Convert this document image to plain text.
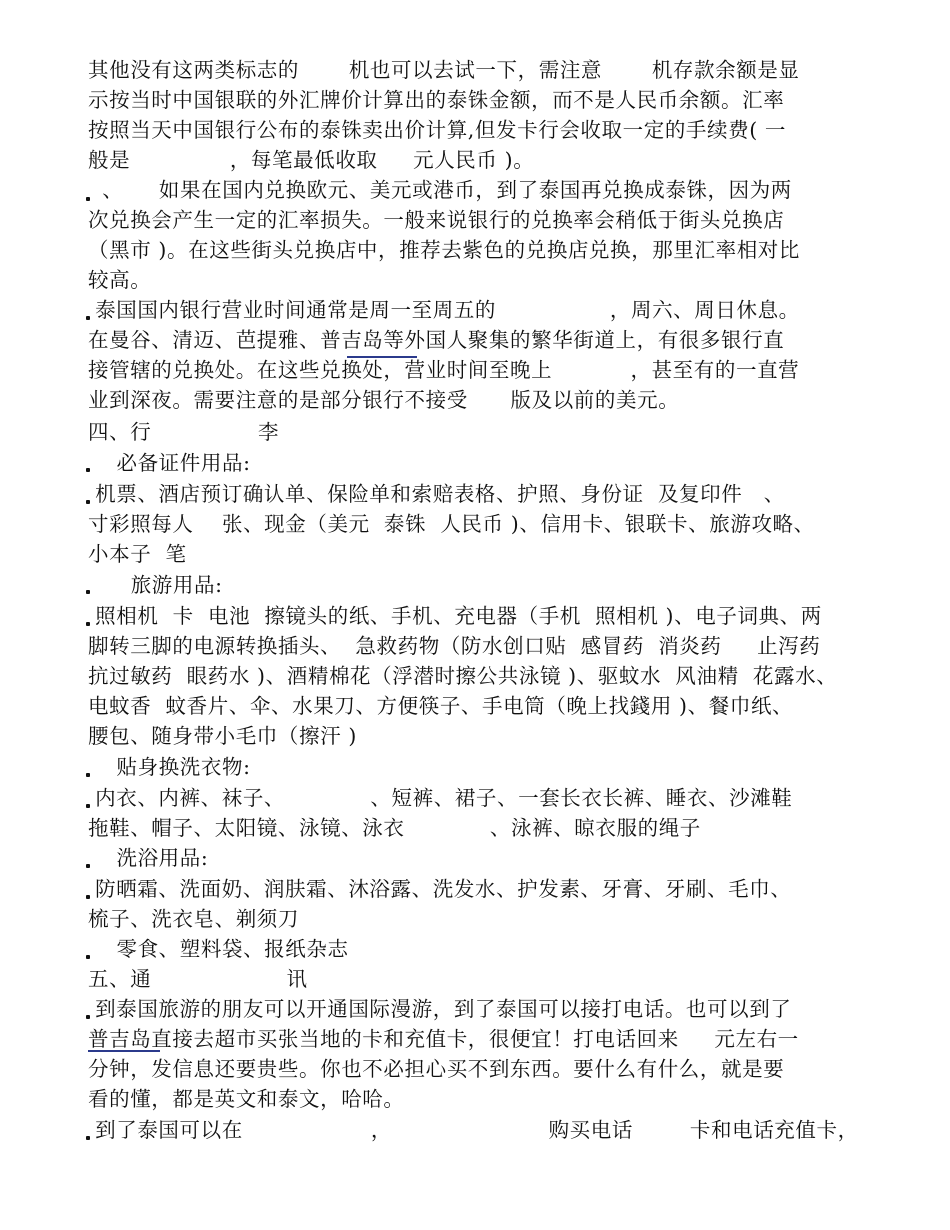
其他没有这两类标志的       机也可以去试一下，需注意       机存款余额是显
示按当时中国银联的外汇牌价计算出的泰铢金额，而不是人民币余额。汇率
按照当天中国银行公布的泰铢卖出价计算,但发卡行会收取一定的手续费( 一
般是              ，每笔最低收取     元人民币 )。
、     如果在国内兑换欧元、美元或港币，到了泰国再兑换成泰铢，因为两
次兑换会产生一定的汇率损失。一般来说银行的兑换率会稍低于街头兑换店
（黑市 )。在这些街头兑换店中，推荐去紫色的兑换店兑换，那里汇率相对比
较高。
泰国国内银行营业时间通常是周一至周五的                ，周六、周日休息。
在曼谷、清迈、芭提雅、普吉岛等外国人聚集的繁华街道上，有很多银行直
接管辖的兑换处。在这些兑换处，营业时间至晚上           ，甚至有的一直营
业到深夜。需要注意的是部分银行不接受      版及以前的美元。
四、行               李
必备证件用品:
机票、酒店预订确认单、保险单和索赔表格、护照、身份证  及复印件   、
寸彩照每人    张、现金（美元  泰铢  人民币 )、信用卡、银联卡、旅游攻略、
小本子  笔
旅游用品:
照相机  卡  电池  擦镜头的纸、手机、充电器（手机  照相机 )、电子词典、两
脚转三脚的电源转换插头、  急救药物（防水创口贴  感冒药  消炎药     止泻药
抗过敏药  眼药水 )、酒精棉花（浮潜时擦公共泳镜 )、驱蚊水  风油精  花露水、
电蚊香  蚊香片、伞、水果刀、方便筷子、手电筒（晚上找錢用 )、餐巾纸、
腰包、随身带小毛巾（擦汗 )
贴身换洗衣物:
内衣、内裤、袜子、            、短裤、裙子、一套长衣长裤、睡衣、沙滩鞋
拖鞋、帽子、太阳镜、泳镜、泳衣            、泳裤、晾衣服的绳子
洗浴用品:
防晒霜、洗面奶、润肤霜、沐浴露、洗发水、护发素、牙膏、牙刷、毛巾、
梳子、洗衣皂、剃须刀
零食、塑料袋、报纸杂志
五、通                   讯
到泰国旅游的朋友可以开通国际漫游，到了泰国可以接打电话。也可以到了
普吉岛直接去超市买张当地的卡和充值卡，很便宜！打电话回来     元左右一
分钟，发信息还要贵些。你也不必担心买不到东西。要什么有什么，就是要
看的懂，都是英文和泰文，哈哈。
到了泰国可以在                  ，                      购买电话        卡和电话充值卡，
